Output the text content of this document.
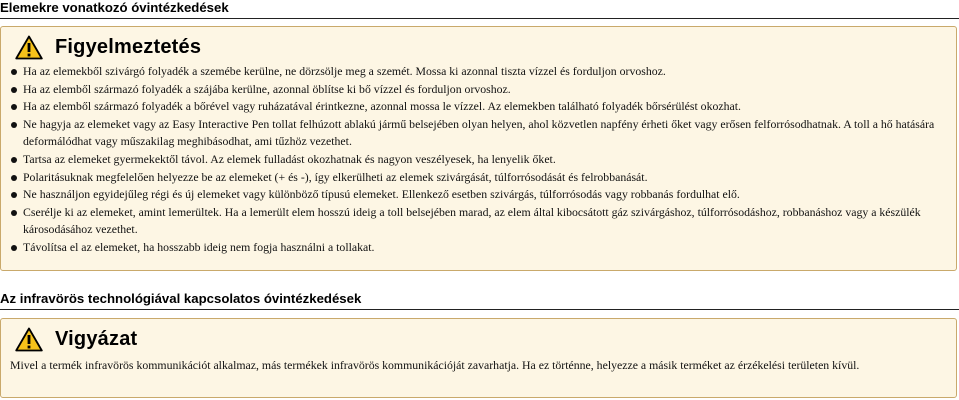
Elemekre vonatkozó óvintézkedések
Figyelmeztetés
Ha az elemekből szivárgó folyadék a szemébe kerülne, ne dörzsölje meg a szemét. Mossa ki azonnal tiszta vízzel és forduljon orvoshoz.
Ha az elemből származó folyadék a szájába kerülne, azonnal öblítse ki bő vízzel és forduljon orvoshoz.
Ha az elemből származó folyadék a bőrével vagy ruházatával érintkezne, azonnal mossa le vízzel. Az elemekben található folyadék bőrsérülést okozhat.
Ne hagyja az elemeket vagy az Easy Interactive Pen tollat felhúzott ablakú jármű belsejében olyan helyen, ahol közvetlen napfény érheti őket vagy erősen felforrósodhatnak. A toll a hő hatására deformálódhat vagy műszakilag meghibásodhat, ami tűzhöz vezethet.
Tartsa az elemeket gyermekektől távol. Az elemek fulladást okozhatnak és nagyon veszélyesek, ha lenyelik őket.
Polaritásuknak megfelelően helyezze be az elemeket (+ és -), így elkerülheti az elemek szivárgását, túlforrósodását és felrobbanását.
Ne használjon egyidejűleg régi és új elemeket vagy különböző típusú elemeket. Ellenkező esetben szivárgás, túlforrósodás vagy robbanás fordulhat elő.
Cserélje ki az elemeket, amint lemerültek. Ha a lemerült elem hosszú ideig a toll belsejében marad, az elem által kibocsátott gáz szivárgáshoz, túlforrósodáshoz, robbanáshoz vagy a készülék károsodásához vezethet.
Távolítsa el az elemeket, ha hosszabb ideig nem fogja használni a tollakat.
Az infravörös technológiával kapcsolatos óvintézkedések
Vigyázat
Mivel a termék infravörös kommunikációt alkalmaz, más termékek infravörös kommunikációját zavarhatja. Ha ez történne, helyezze a másik terméket az érzékelési területen kívül.
